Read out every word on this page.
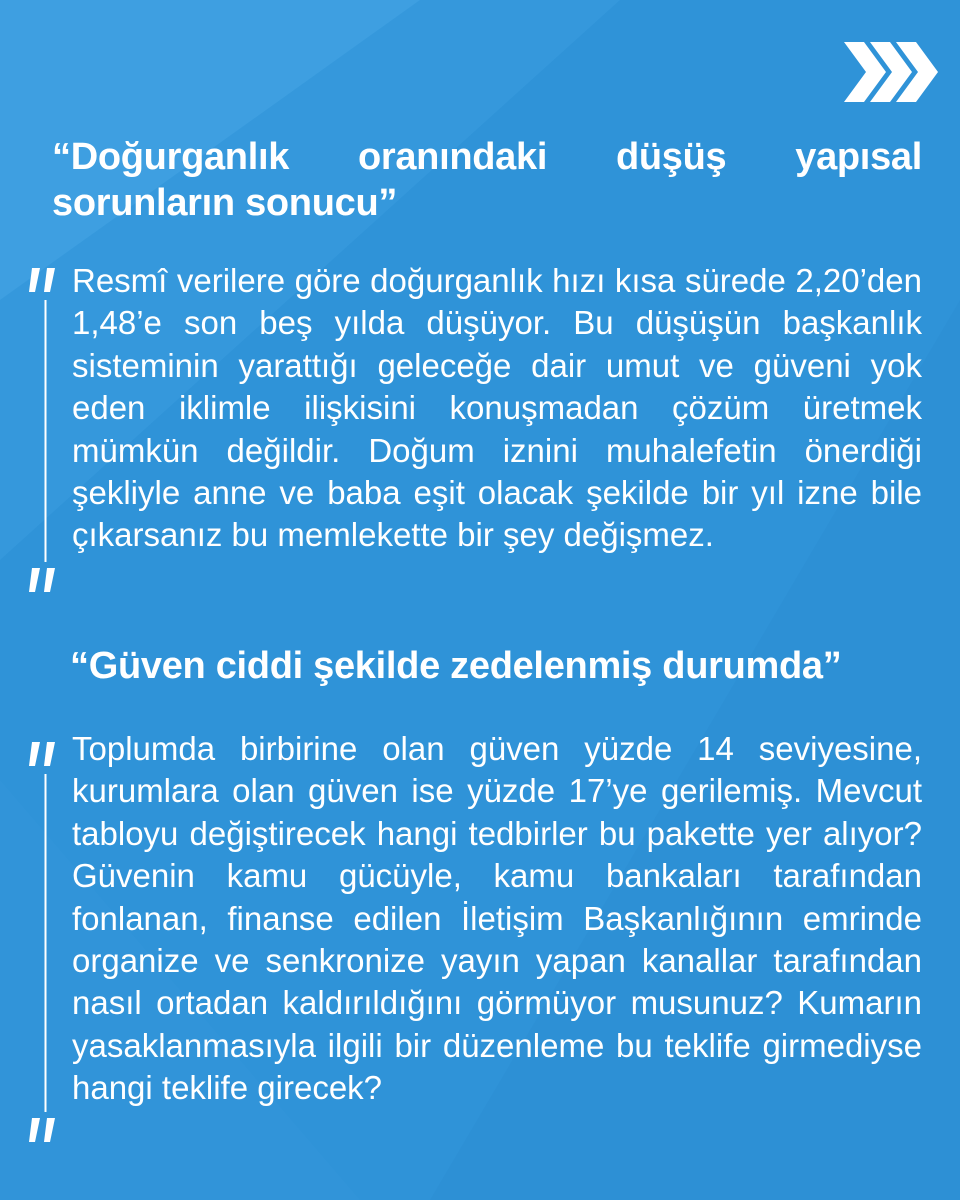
“Doğurganlık oranındaki düşüş yapısal sorunların sonucu”

Resmî verilere göre doğurganlık hızı kısa sürede 2,20’den 1,48’e son beş yılda düşüyor. Bu düşüşün başkanlık sisteminin yarattığı geleceğe dair umut ve güveni yok eden iklimle ilişkisini konuşmadan çözüm üretmek mümkün değildir. Doğum iznini muhalefetin önerdiği şekliyle anne ve baba eşit olacak şekilde bir yıl izne bile çıkarsanız bu memlekette bir şey değişmez.

“Güven ciddi şekilde zedelenmiş durumda”

Toplumda birbirine olan güven yüzde 14 seviyesine, kurumlara olan güven ise yüzde 17’ye gerilemiş. Mevcut tabloyu değiştirecek hangi tedbirler bu pakette yer alıyor? Güvenin kamu gücüyle, kamu bankaları tarafından fonlanan, finanse edilen İletişim Başkanlığının emrinde organize ve senkronize yayın yapan kanallar tarafından nasıl ortadan kaldırıldığını görmüyor musunuz? Kumarın yasaklanmasıyla ilgili bir düzenleme bu teklife girmediyse hangi teklife girecek?
